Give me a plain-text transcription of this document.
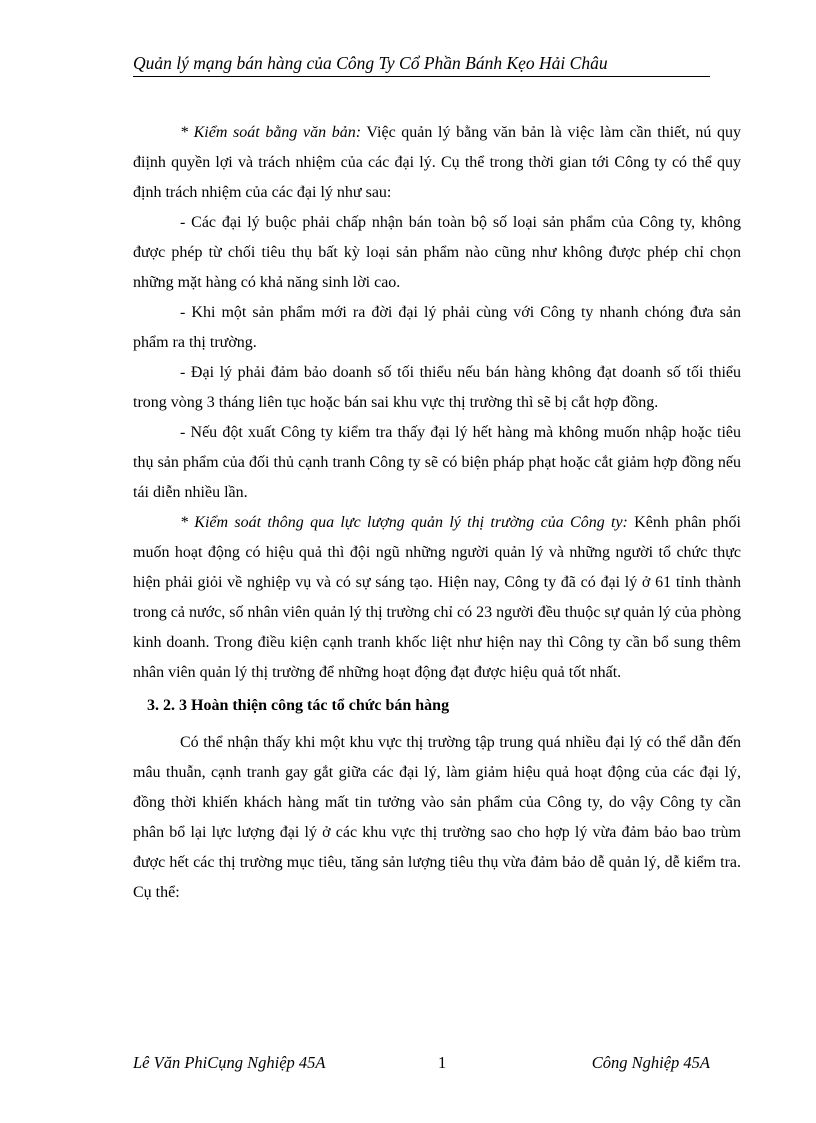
Quản lý mạng bán hàng của Công Ty Cổ Phần Bánh Kẹo Hải Châu

* Kiểm soát bằng văn bản: Việc quản lý bằng văn bản là việc làm cần thiết, nú quy điịnh quyền lợi và trách nhiệm của các đại lý. Cụ thể trong thời gian tới Công ty có thể quy định trách nhiệm của các đại lý như sau:

- Các đại lý buộc phải chấp nhận bán toàn bộ số loại sản phẩm của Công ty, không được phép từ chối tiêu thụ bất kỳ loại sản phẩm nào cũng như không được phép chỉ chọn những mặt hàng có khả năng sinh lời cao.

- Khi một sản phẩm mới ra đời đại lý phải cùng với Công ty nhanh chóng đưa sản phẩm ra thị trường.

- Đại lý phải đảm bảo doanh số tối thiểu nếu bán hàng không đạt doanh số tối thiểu trong vòng 3 tháng liên tục hoặc bán sai khu vực thị trường thì sẽ bị cắt hợp đồng.

- Nếu đột xuất Công ty kiểm tra thấy đại lý hết hàng mà không muốn nhập hoặc tiêu thụ sản phẩm của đối thủ cạnh tranh Công ty sẽ có biện pháp phạt hoặc cắt giảm hợp đồng nếu tái diễn nhiều lần.

* Kiểm soát thông qua lực lượng quản lý thị trường của Công ty: Kênh phân phối muốn hoạt động có hiệu quả thì đội ngũ những người quản lý và những người tổ chức thực hiện phải giỏi về nghiệp vụ và có sự sáng tạo. Hiện nay, Công ty đã có đại lý ở 61 tỉnh thành trong cả nước, số nhân viên quản lý thị trường chỉ có 23 người đều thuộc sự quản lý của phòng kinh doanh. Trong điều kiện cạnh tranh khốc liệt như hiện nay thì Công ty cần bổ sung thêm nhân viên quản lý thị trường để những hoạt động đạt được hiệu quả tốt nhất.

3. 2. 3 Hoàn thiện công tác tổ chức bán hàng

Có thể nhận thấy khi một khu vực thị trường tập trung quá nhiều đại lý có thể dẫn đến mâu thuẫn, cạnh tranh gay gắt giữa các đại lý, làm giảm hiệu quả hoạt động của các đại lý, đồng thời khiến khách hàng mất tin tưởng vào sản phẩm của Công ty, do vậy Công ty cần phân bổ lại lực lượng đại lý ở các khu vực thị trường sao cho hợp lý vừa đảm bảo bao trùm được hết các thị trường mục tiêu, tăng sản lượng tiêu thụ vừa đảm bảo dễ quản lý, dễ kiểm tra. Cụ thể:

Lê Văn PhiCụng Nghiệp 45A	1	Công Nghiệp 45A
